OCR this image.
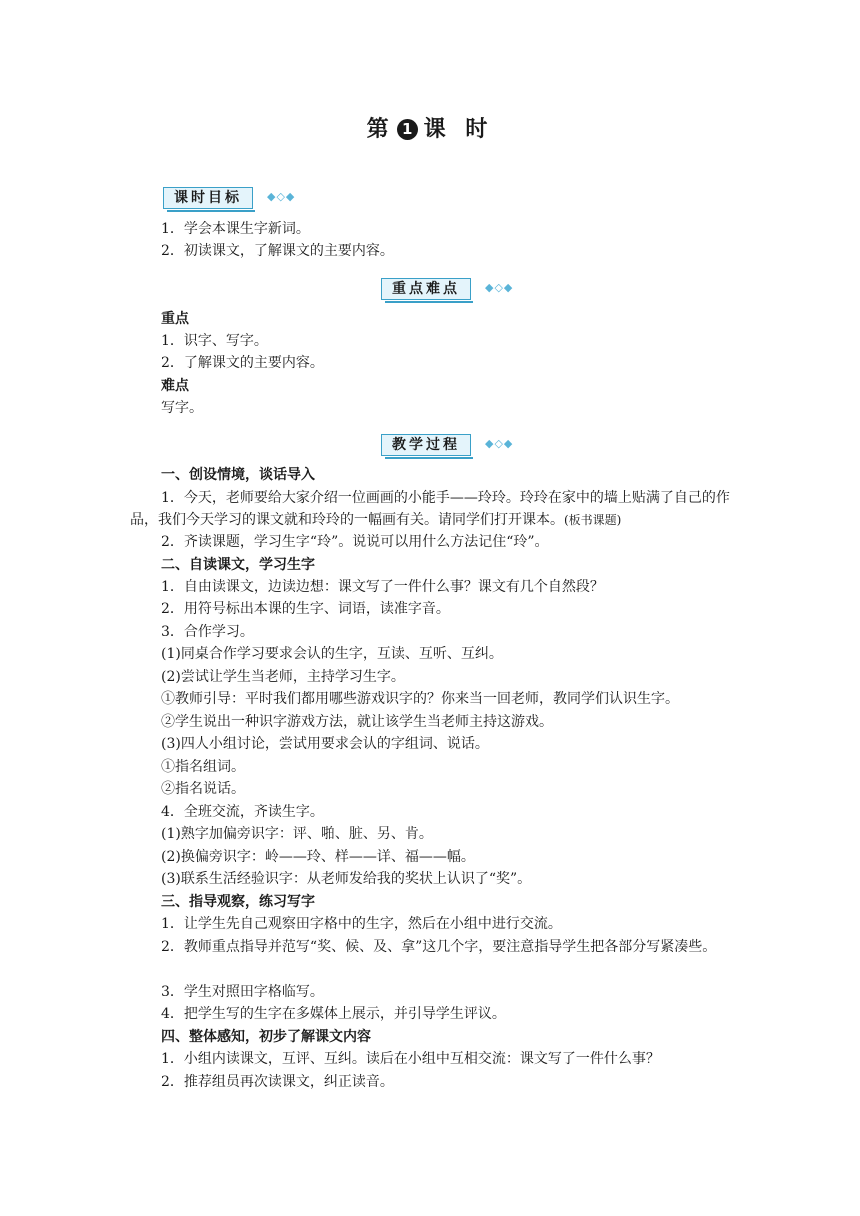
第 1 课 时
课时目标	◆◇◆
1．学会本课生字新词。
2．初读课文，了解课文的主要内容。
重点难点	◆◇◆
重点
1．识字、写字。
2．了解课文的主要内容。
难点
写字。
教学过程	◆◇◆
一、创设情境，谈话导入
1．今天，老师要给大家介绍一位画画的小能手——玲玲。玲玲在家中的墙上贴满了自己的作品，我们今天学习的课文就和玲玲的一幅画有关。请同学们打开课本。(板书课题)
2．齐读课题，学习生字“玲”。说说可以用什么方法记住“玲”。
二、自读课文，学习生字
1．自由读课文，边读边想：课文写了一件什么事？课文有几个自然段？
2．用符号标出本课的生字、词语，读准字音。
3．合作学习。
(1)同桌合作学习要求会认的生字，互读、互听、互纠。
(2)尝试让学生当老师，主持学习生字。
①教师引导：平时我们都用哪些游戏识字的？你来当一回老师，教同学们认识生字。
②学生说出一种识字游戏方法，就让该学生当老师主持这游戏。
(3)四人小组讨论，尝试用要求会认的字组词、说话。
①指名组词。
②指名说话。
4．全班交流，齐读生字。
(1)熟字加偏旁识字：评、啪、脏、另、肯。
(2)换偏旁识字：岭——玲、样——详、福——幅。
(3)联系生活经验识字：从老师发给我的奖状上认识了“奖”。
三、指导观察，练习写字
1．让学生先自己观察田字格中的生字，然后在小组中进行交流。
2．教师重点指导并范写“奖、候、及、拿”这几个字，要注意指导学生把各部分写紧凑些。
3．学生对照田字格临写。
4．把学生写的生字在多媒体上展示，并引导学生评议。
四、整体感知，初步了解课文内容
1．小组内读课文，互评、互纠。读后在小组中互相交流：课文写了一件什么事？
2．推荐组员再次读课文，纠正读音。
